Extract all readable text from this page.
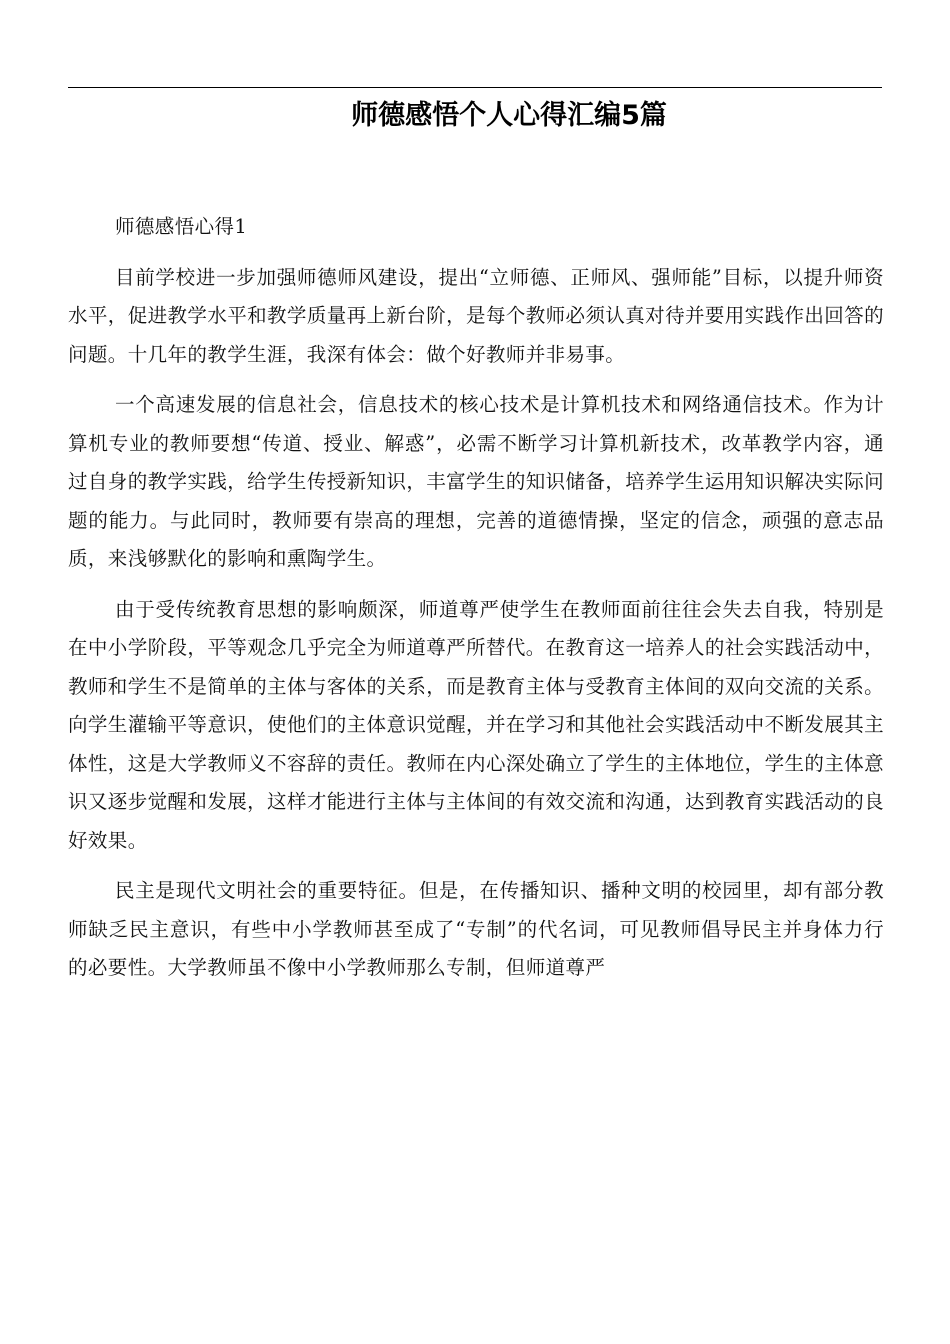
师德感悟个人心得汇编5篇

师德感悟心得1

目前学校进一步加强师德师风建设，提出“立师德、正师风、强师能”目标，以提升师资水平，促进教学水平和教学质量再上新台阶，是每个教师必须认真对待并要用实践作出回答的问题。十几年的教学生涯，我深有体会：做个好教师并非易事。

一个高速发展的信息社会，信息技术的核心技术是计算机技术和网络通信技术。作为计算机专业的教师要想“传道、授业、解惑”，必需不断学习计算机新技术，改革教学内容，通过自身的教学实践，给学生传授新知识，丰富学生的知识储备，培养学生运用知识解决实际问题的能力。与此同时，教师要有崇高的理想，完善的道德情操，坚定的信念，顽强的意志品质，来浅够默化的影响和熏陶学生。

由于受传统教育思想的影响颇深，师道尊严使学生在教师面前往往会失去自我，特别是在中小学阶段，平等观念几乎完全为师道尊严所替代。在教育这一培养人的社会实践活动中，教师和学生不是简单的主体与客体的关系，而是教育主体与受教育主体间的双向交流的关系。向学生灌输平等意识，使他们的主体意识觉醒，并在学习和其他社会实践活动中不断发展其主体性，这是大学教师义不容辞的责任。教师在内心深处确立了学生的主体地位，学生的主体意识又逐步觉醒和发展，这样才能进行主体与主体间的有效交流和沟通，达到教育实践活动的良好效果。

民主是现代文明社会的重要特征。但是，在传播知识、播种文明的校园里，却有部分教师缺乏民主意识，有些中小学教师甚至成了“专制”的代名词，可见教师倡导民主并身体力行的必要性。大学教师虽不像中小学教师那么专制，但师道尊严
